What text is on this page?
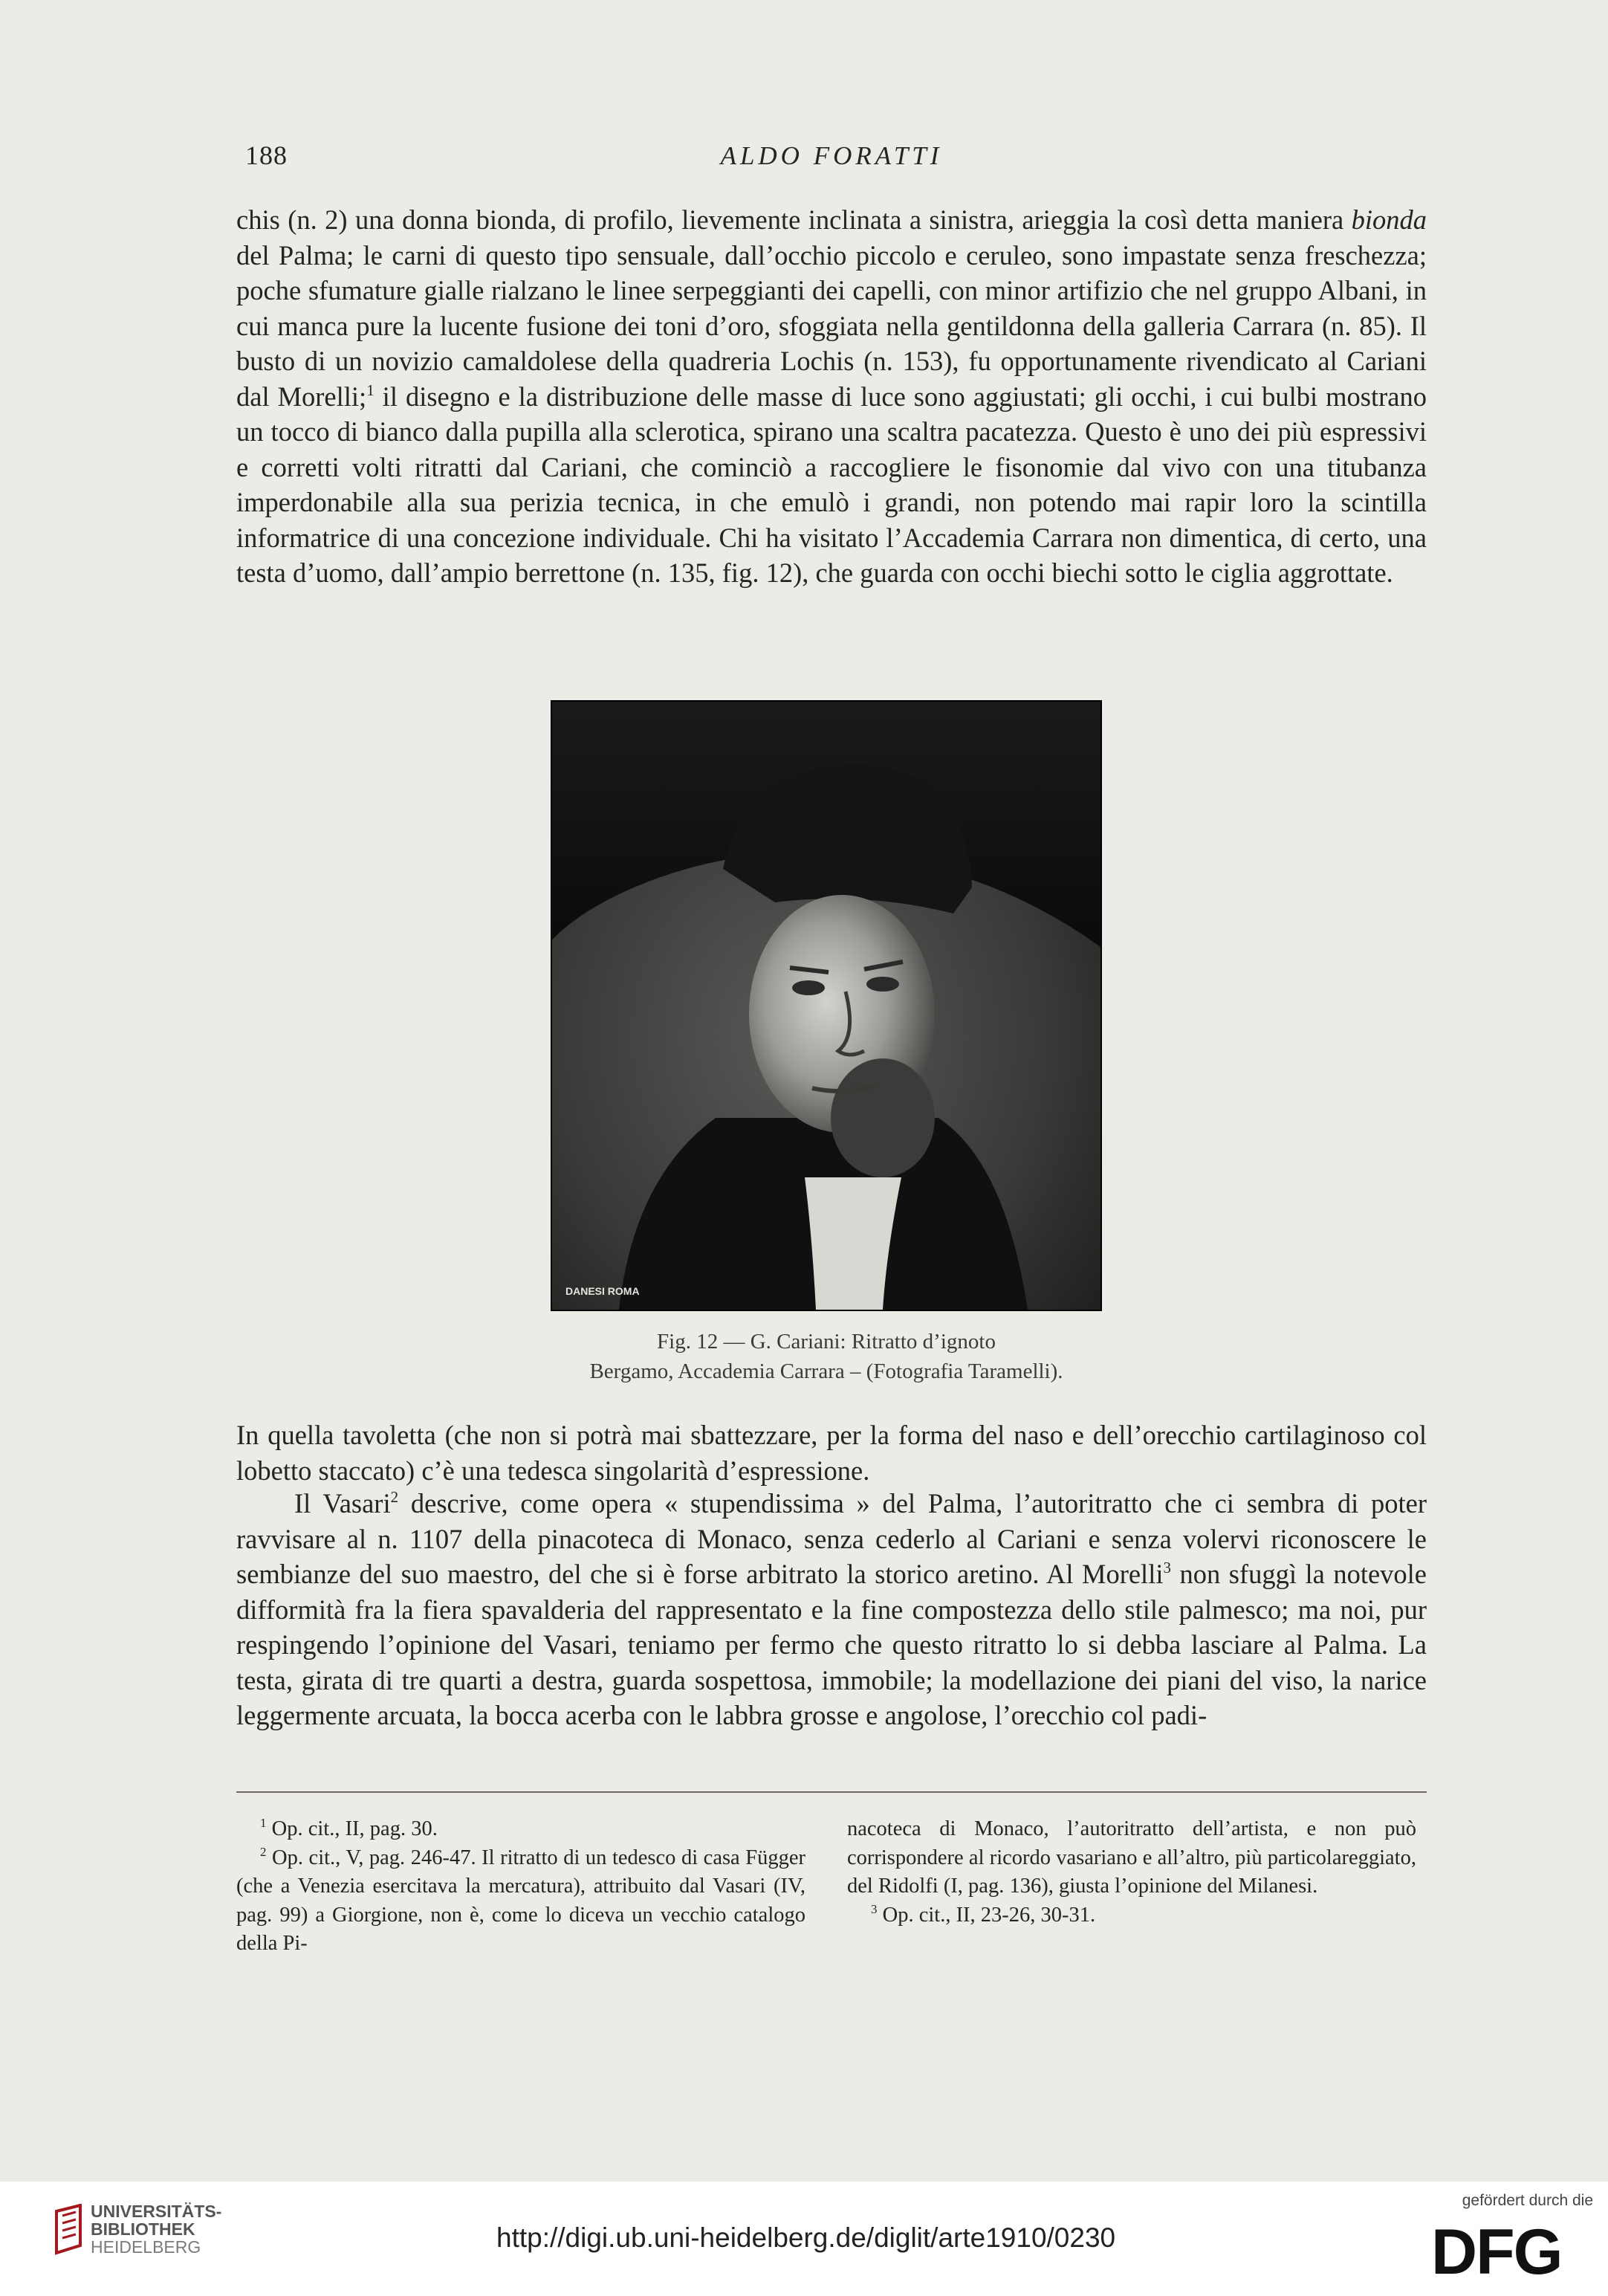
188	ALDO FORATTI

chis (n. 2) una donna bionda, di profilo, lievemente inclinata a sinistra, arieggia la così detta maniera bionda del Palma; le carni di questo tipo sensuale, dall’occhio piccolo e ceruleo, sono impastate senza freschezza; poche sfumature gialle rialzano le linee serpeggianti dei capelli, con minor artifizio che nel gruppo Albani, in cui manca pure la lucente fusione dei toni d’oro, sfoggiata nella gentildonna della galleria Carrara (n. 85). Il busto di un novizio camaldolese della quadreria Lochis (n. 153), fu opportunamente rivendicato al Cariani dal Morelli;$^1$ il disegno e la distribuzione delle masse di luce sono aggiustati; gli occhi, i cui bulbi mostrano un tocco di bianco dalla pupilla alla sclerotica, spirano una scaltra pacatezza. Questo è uno dei più espressivi e corretti volti ritratti dal Cariani, che cominciò a raccogliere le fisonomie dal vivo con una titubanza imperdonabile alla sua perizia tecnica, in che emulò i grandi, non potendo mai rapir loro la scintilla informatrice di una concezione individuale. Chi ha visitato l’Accademia Carrara non dimentica, di certo, una testa d’uomo, dall’ampio berrettone (n. 135, fig. 12), che guarda con occhi biechi sotto le ciglia aggrottate.

In quella tavoletta (che non si potrà mai sbattezzare, per la forma del naso e dell’orecchio cartilaginoso col lobetto staccato) c’è una tedesca singolarità d’espressione.

Il Vasari$^2$ descrive, come opera « stupendissima » del Palma, l’autoritratto che ci sembra di poter ravvisare al n. 1107 della pinacoteca di Monaco, senza cederlo al Cariani e senza volervi riconoscere le sembianze del suo maestro, del che si è forse arbitrato la storico aretino. Al Morelli$^3$ non sfuggì la notevole difformità fra la fiera spavalderia del rappresentato e la fine compostezza dello stile palmesco; ma noi, pur respingendo l’opinione del Vasari, teniamo per fermo che questo ritratto lo si debba lasciare al Palma. La testa, girata di tre quarti a destra, guarda sospettosa, immobile; la modellazione dei piani del viso, la narice leggermente arcuata, la bocca acerba con le labbra grosse e angolose, l’orecchio col padi-

DANESI ROMA
Fig. 12 — G. Cariani: Ritratto d’ignoto
Bergamo, Accademia Carrara – (Fotografia Taramelli).

$^1$ Op. cit., II, pag. 30.

$^2$ Op. cit., V, pag. 246-47. Il ritratto di un tedesco di casa Függer (che a Venezia esercitava la mercatura), attribuito dal Vasari (IV, pag. 99) a Giorgione, non è, come lo diceva un vecchio catalogo della Pi-

nacoteca di Monaco, l’autoritratto dell’artista, e non può corrispondere al ricordo vasariano e all’altro, più particolareggiato, del Ridolfi (I, pag. 136), giusta l’opinione del Milanesi.

$^3$ Op. cit., II, 23-26, 30-31.

UNIVERSITÄTS-
BIBLIOTHEK
HEIDELBERG	http://digi.ub.uni-heidelberg.de/diglit/arte1910/0230
gefördert durch die
DFG
